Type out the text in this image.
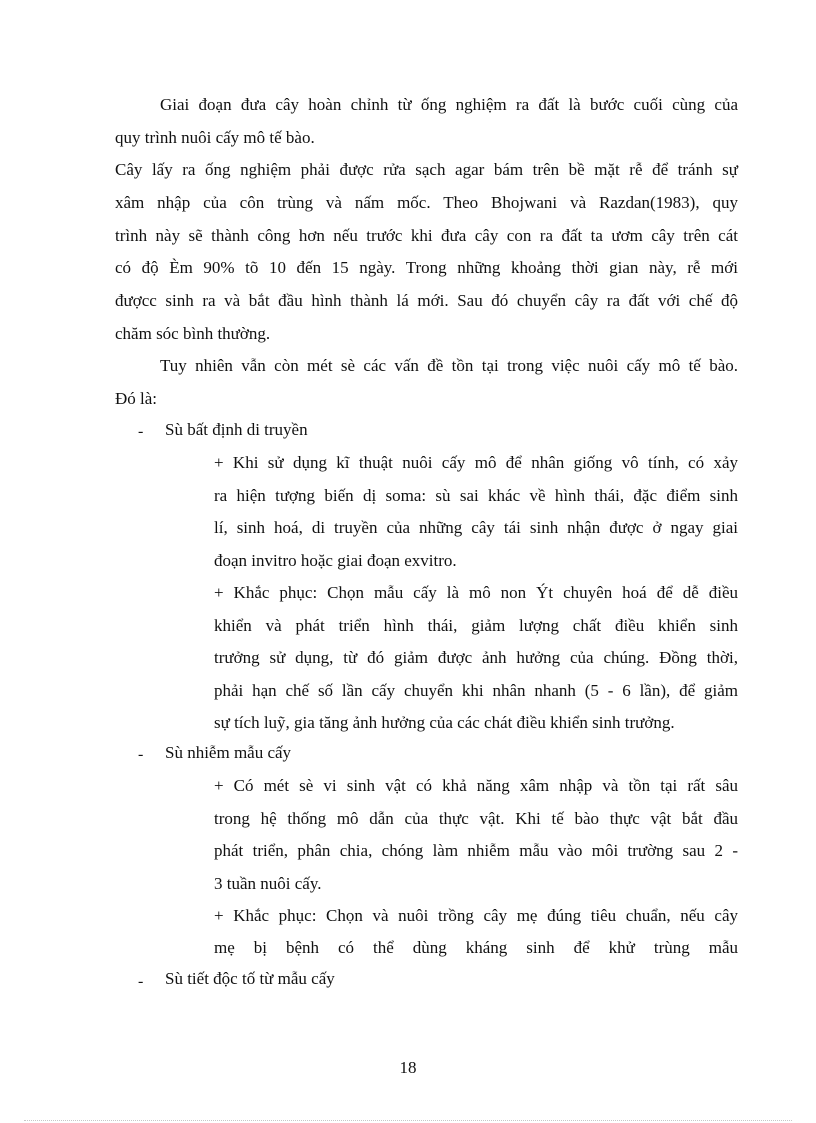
Giai đoạn đưa cây hoàn chỉnh từ ống nghiệm ra đất là bước cuối cùng của
quy trình nuôi cấy mô tế bào.
Cây lấy ra ống nghiệm phải được rửa sạch agar bám trên bề mặt rễ để tránh sự
xâm nhập của côn trùng và nấm mốc. Theo Bhojwani và Razdan(1983), quy
trình này sẽ thành công hơn nếu trước khi đưa cây con ra đất ta ươm cây trên cát
có độ Èm 90% tõ 10 đến 15 ngày. Trong những khoảng thời gian này, rễ mới
đượcc sinh ra và bắt đầu hình thành lá mới. Sau đó chuyển cây ra đất với chế độ
chăm sóc bình thường.
Tuy nhiên vẫn còn mét sè các vấn đề tồn tại trong việc nuôi cấy mô tế bào.
Đó là:
- Sù bất định di truyền
+ Khi sử dụng kĩ thuật nuôi cấy mô để nhân giống vô tính, có xảy
ra hiện tượng biến dị soma: sù sai khác về hình thái, đặc điểm sinh
lí, sinh hoá, di truyền của những cây tái sinh nhận được ở ngay giai
đoạn invitro hoặc giai đoạn exvitro.
+ Khắc phục: Chọn mẫu cấy là mô non Ýt chuyên hoá để dễ điều
khiển và phát triển hình thái, giảm lượng chất điều khiển sinh
trưởng sử dụng, từ đó giảm được ảnh hưởng của chúng. Đồng thời,
phải hạn chế số lần cấy chuyển khi nhân nhanh (5 - 6 lần), để giảm
sự tích luỹ, gia tăng ảnh hưởng của các chát điều khiển sinh trưởng.
- Sù nhiễm mẫu cấy
+ Có mét sè vi sinh vật có khả năng xâm nhập và tồn tại rất sâu
trong hệ thống mô dẫn của thực vật. Khi tế bào thực vật bắt đầu
phát triển, phân chia, chóng làm nhiễm mẫu vào môi trường sau 2 -
3 tuần nuôi cấy.
+ Khắc phục: Chọn và nuôi trồng cây mẹ đúng tiêu chuẩn, nếu cây
mẹ bị bệnh có thể dùng kháng sinh để khử trùng mẫu
- Sù tiết độc tố từ mẫu cấy
18
